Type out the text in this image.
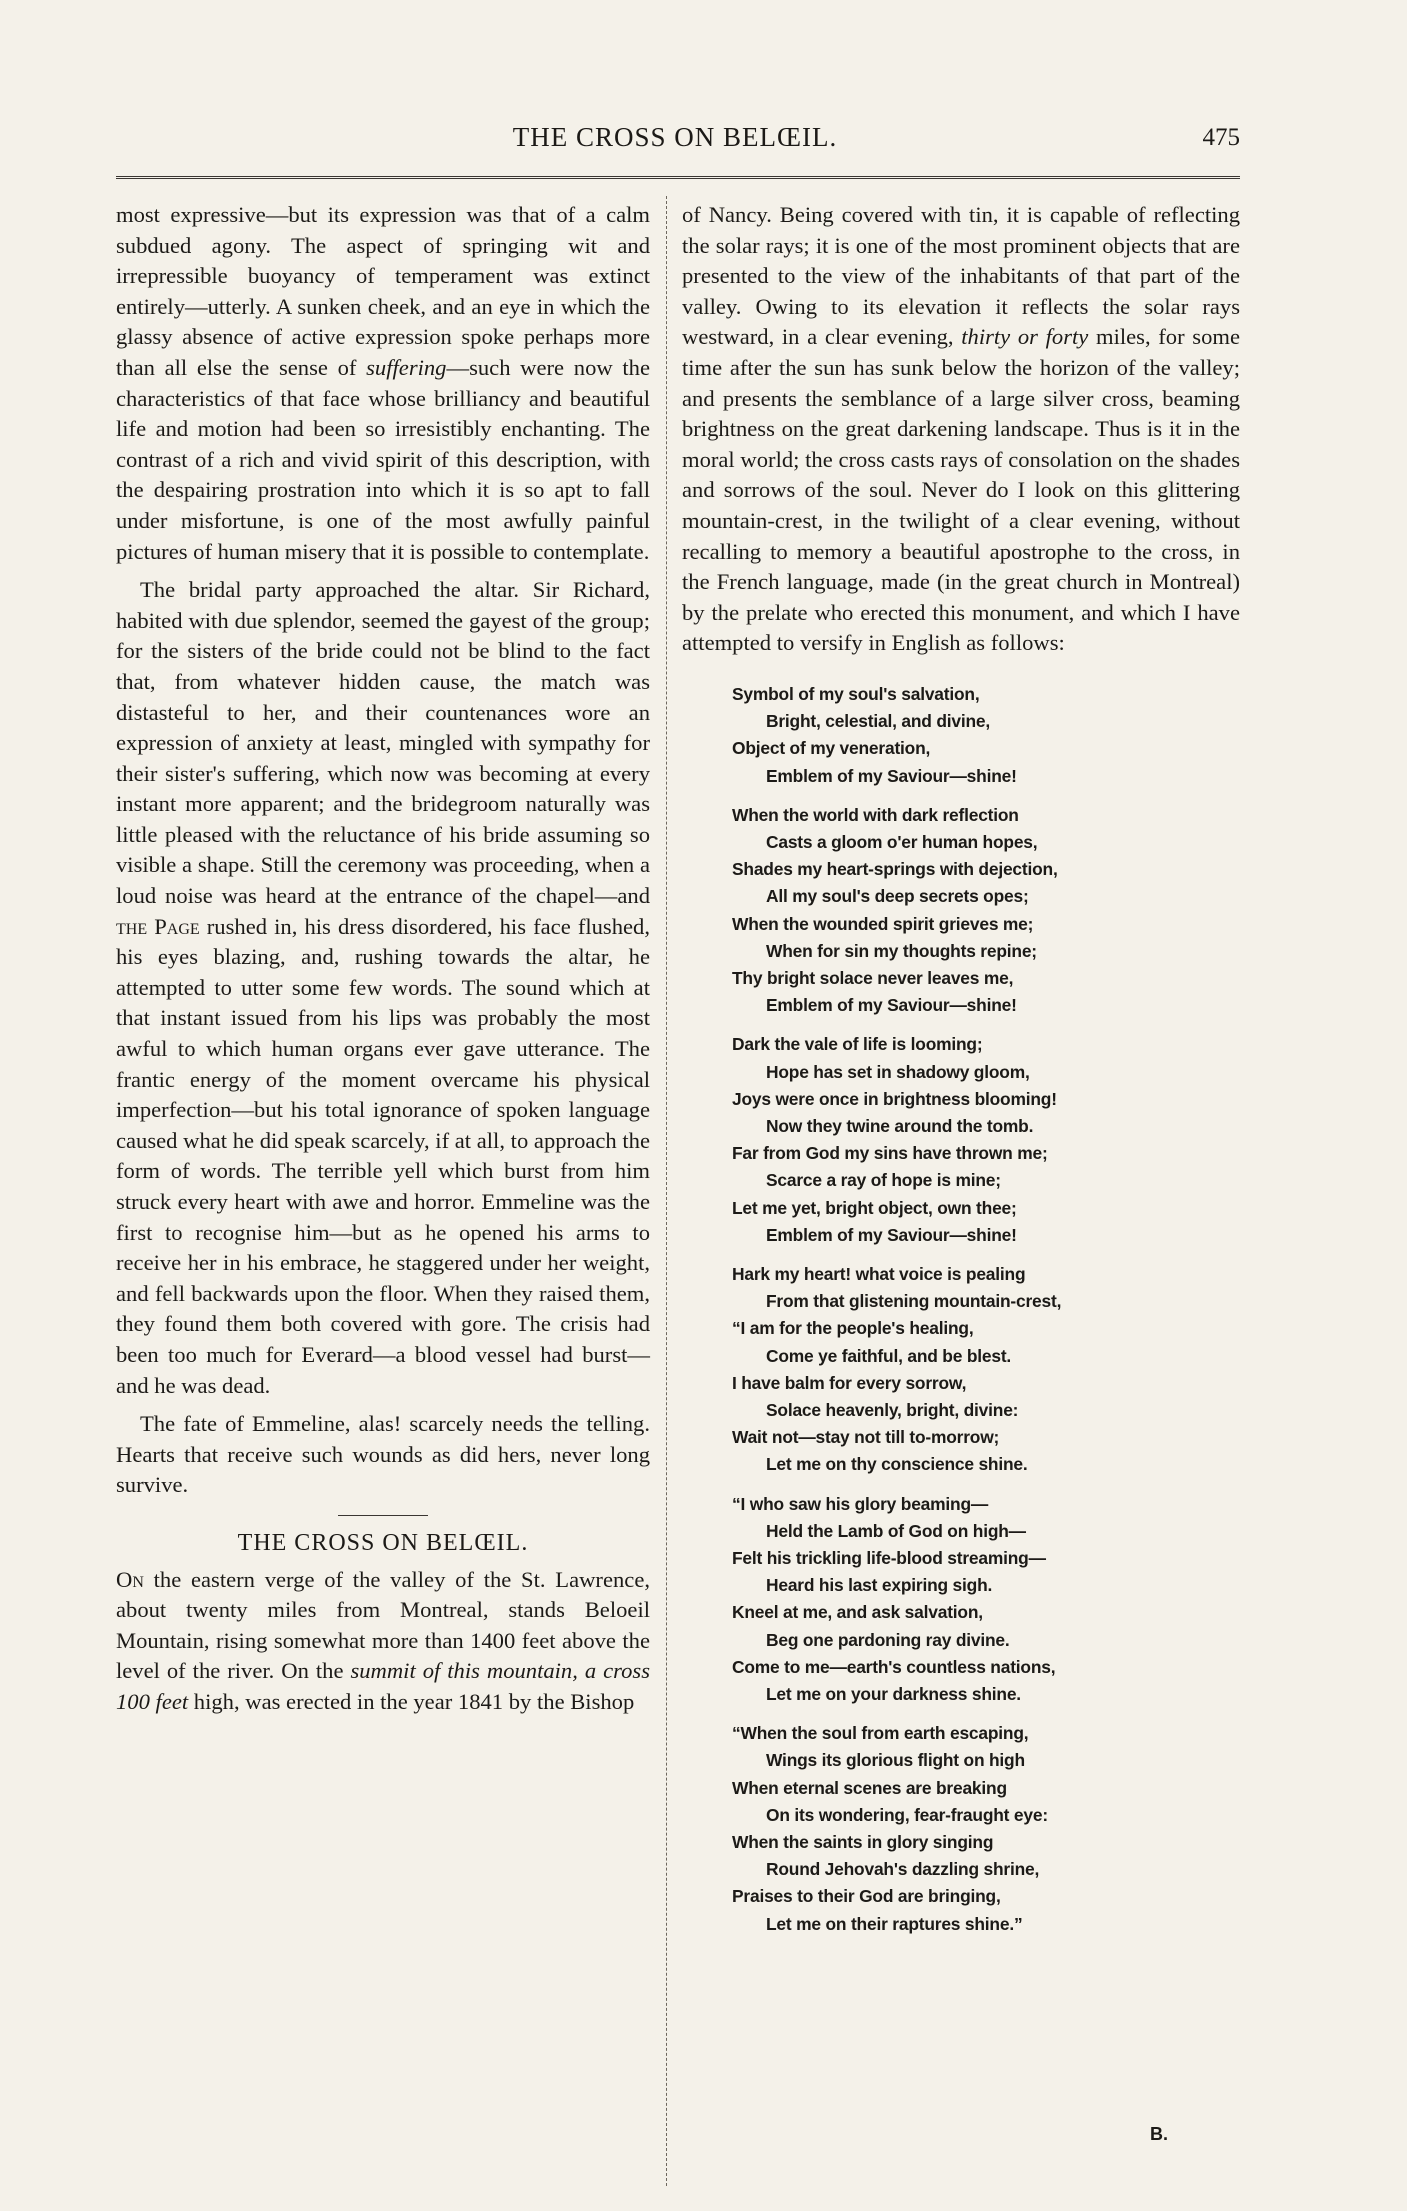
THE CROSS ON BELŒIL.	475

most expressive—but its expression was that of a calm subdued agony. The aspect of springing wit and irrepressible buoyancy of temperament was extinct entirely—utterly. A sunken cheek, and an eye in which the glassy absence of active expression spoke perhaps more than all else the sense of suffering—such were now the characteristics of that face whose brilliancy and beautiful life and motion had been so irresistibly enchanting. The contrast of a rich and vivid spirit of this description, with the despairing prostration into which it is so apt to fall under misfortune, is one of the most awfully painful pictures of human misery that it is possible to contemplate.

The bridal party approached the altar. Sir Richard, habited with due splendor, seemed the gayest of the group; for the sisters of the bride could not be blind to the fact that, from whatever hidden cause, the match was distasteful to her, and their countenances wore an expression of anxiety at least, mingled with sympathy for their sister's suffering, which now was becoming at every instant more apparent; and the bridegroom naturally was little pleased with the reluctance of his bride assuming so visible a shape. Still the ceremony was proceeding, when a loud noise was heard at the entrance of the chapel—and the Page rushed in, his dress disordered, his face flushed, his eyes blazing, and, rushing towards the altar, he attempted to utter some few words. The sound which at that instant issued from his lips was probably the most awful to which human organs ever gave utterance. The frantic energy of the moment overcame his physical imperfection—but his total ignorance of spoken language caused what he did speak scarcely, if at all, to approach the form of words. The terrible yell which burst from him struck every heart with awe and horror. Emmeline was the first to recognise him—but as he opened his arms to receive her in his embrace, he staggered under her weight, and fell backwards upon the floor. When they raised them, they found them both covered with gore. The crisis had been too much for Everard—a blood vessel had burst—and he was dead.

The fate of Emmeline, alas! scarcely needs the telling. Hearts that receive such wounds as did hers, never long survive.

THE CROSS ON BELŒIL.

On the eastern verge of the valley of the St. Lawrence, about twenty miles from Montreal, stands Beloeil Mountain, rising somewhat more than 1400 feet above the level of the river. On the summit of this mountain, a cross 100 feet high, was erected in the year 1841 by the Bishop

of Nancy. Being covered with tin, it is capable of reflecting the solar rays; it is one of the most prominent objects that are presented to the view of the inhabitants of that part of the valley. Owing to its elevation it reflects the solar rays westward, in a clear evening, thirty or forty miles, for some time after the sun has sunk below the horizon of the valley; and presents the semblance of a large silver cross, beaming brightness on the great darkening landscape. Thus is it in the moral world; the cross casts rays of consolation on the shades and sorrows of the soul. Never do I look on this glittering mountain-crest, in the twilight of a clear evening, without recalling to memory a beautiful apostrophe to the cross, in the French language, made (in the great church in Montreal) by the prelate who erected this monument, and which I have attempted to versify in English as follows:

Symbol of my soul's salvation,
Bright, celestial, and divine,
Object of my veneration,
Emblem of my Saviour—shine!
When the world with dark reflection
Casts a gloom o'er human hopes,
Shades my heart-springs with dejection,
All my soul's deep secrets opes;
When the wounded spirit grieves me;
When for sin my thoughts repine;
Thy bright solace never leaves me,
Emblem of my Saviour—shine!
Dark the vale of life is looming;
Hope has set in shadowy gloom,
Joys were once in brightness blooming!
Now they twine around the tomb.
Far from God my sins have thrown me;
Scarce a ray of hope is mine;
Let me yet, bright object, own thee;
Emblem of my Saviour—shine!
Hark my heart! what voice is pealing
From that glistening mountain-crest,
“I am for the people's healing,
Come ye faithful, and be blest.
I have balm for every sorrow,
Solace heavenly, bright, divine:
Wait not—stay not till to-morrow;
Let me on thy conscience shine.
“I who saw his glory beaming—
Held the Lamb of God on high—
Felt his trickling life-blood streaming—
Heard his last expiring sigh.
Kneel at me, and ask salvation,
Beg one pardoning ray divine.
Come to me—earth's countless nations,
Let me on your darkness shine.
“When the soul from earth escaping,
Wings its glorious flight on high
When eternal scenes are breaking
On its wondering, fear-fraught eye:
When the saints in glory singing
Round Jehovah's dazzling shrine,
Praises to their God are bringing,
Let me on their raptures shine.”
B.
